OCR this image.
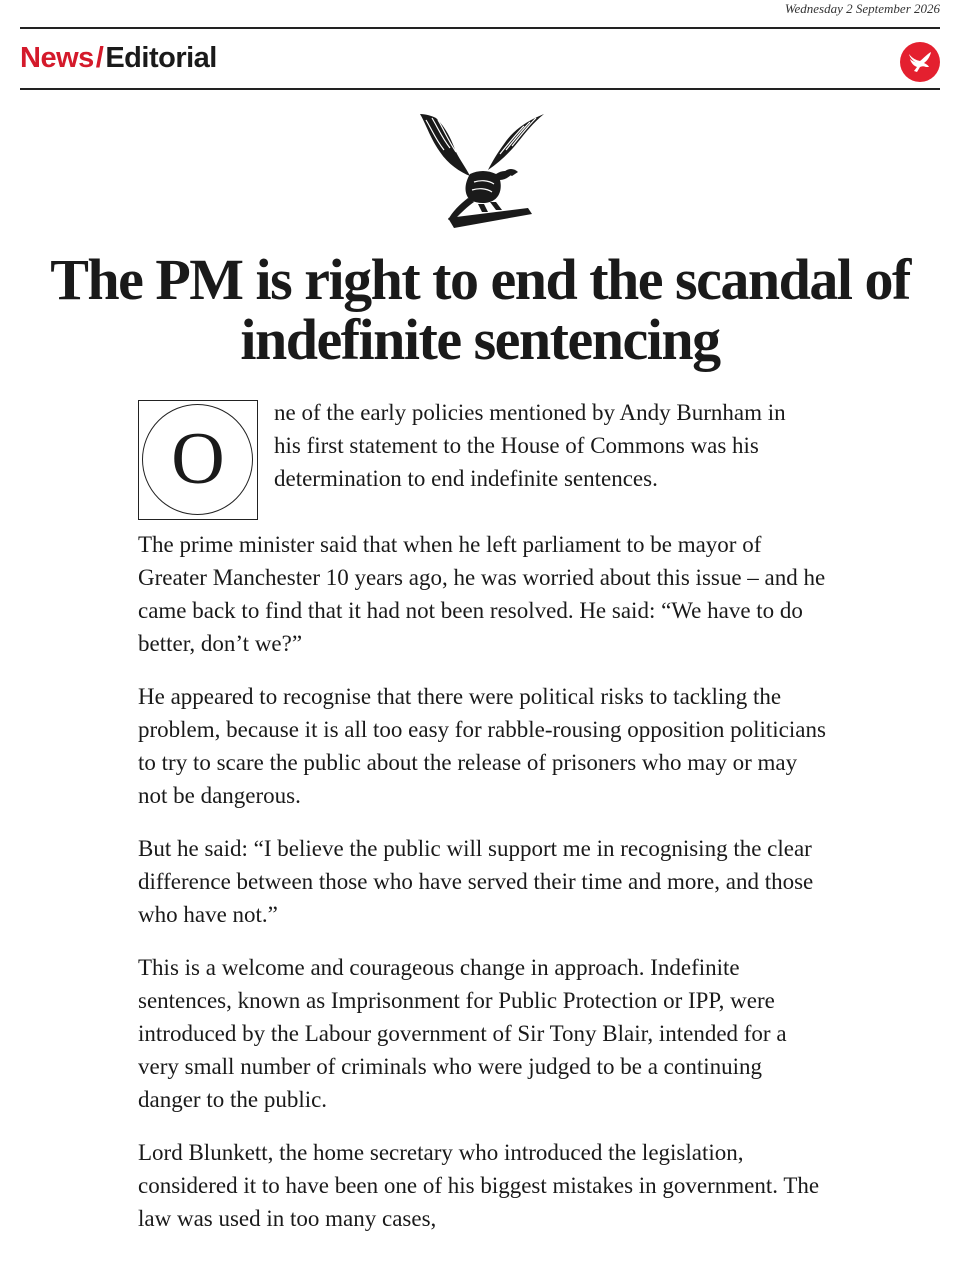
Wednesday 2 September 2026
News/Editorial
The PM is right to end the scandal of indefinite sentencing
O

ne of the early policies mentioned by Andy Burnham in his first statement to the House of Commons was his determination to end indefinite sentences.

The prime minister said that when he left parliament to be mayor of Greater Manchester 10 years ago, he was worried about this issue – and he came back to find that it had not been resolved. He said: “We have to do better, don’t we?”

He appeared to recognise that there were political risks to tackling the problem, because it is all too easy for rabble-rousing opposition politicians to try to scare the public about the release of prisoners who may or may not be dangerous.

But he said: “I believe the public will support me in recognising the clear difference between those who have served their time and more, and those who have not.”

This is a welcome and courageous change in approach. Indefinite sentences, known as Imprisonment for Public Protection or IPP, were introduced by the Labour government of Sir Tony Blair, intended for a very small number of criminals who were judged to be a continuing danger to the public.

Lord Blunkett, the home secretary who introduced the legislation, considered it to have been one of his biggest mistakes in government. The law was used in too many cases,
